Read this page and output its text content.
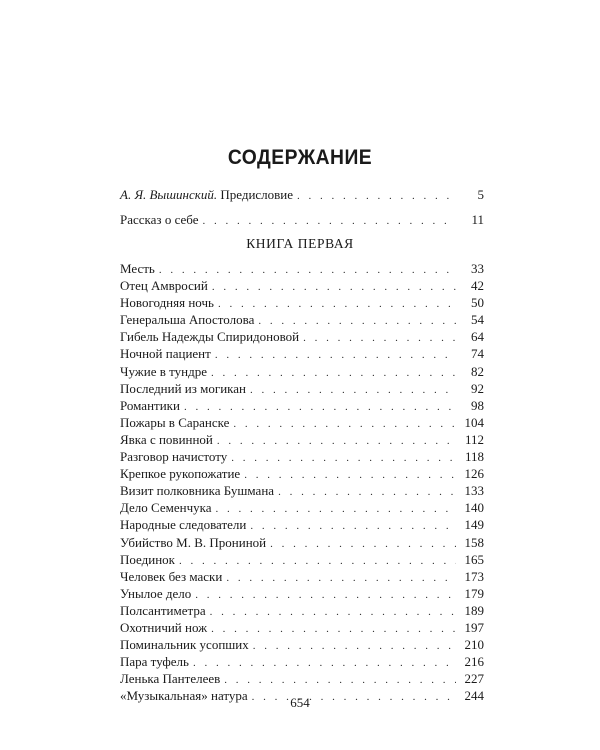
СОДЕРЖАНИЕ
А. Я. Вышинский. Предисловие . . .	5
Рассказ о себе . . .	11
КНИГА ПЕРВАЯ
Месть . . .	33
Отец Амвросий . . .	42
Новогодняя ночь . . .	50
Генеральша Апостолова . . .	54
Гибель Надежды Спиридоновой . . .	64
Ночной пациент . . .	74
Чужие в тундре . . .	82
Последний из могикан . . .	92
Романтики . . .	98
Пожары в Саранске . . .	104
Явка с повинной . . .	112
Разговор начистоту . . .	118
Крепкое рукопожатие . . .	126
Визит полковника Бушмана . . .	133
Дело Семенчука . . .	140
Народные следователи . . .	149
Убийство М. В. Прониной . . .	158
Поединок . . .	165
Человек без маски . . .	173
Унылое дело . . .	179
Полсантиметра . . .	189
Охотничий нож . . .	197
Поминальник усопших . . .	210
Пара туфель . . .	216
Ленька Пантелеев . . .	227
«Музыкальная» натура . . .	244
654
